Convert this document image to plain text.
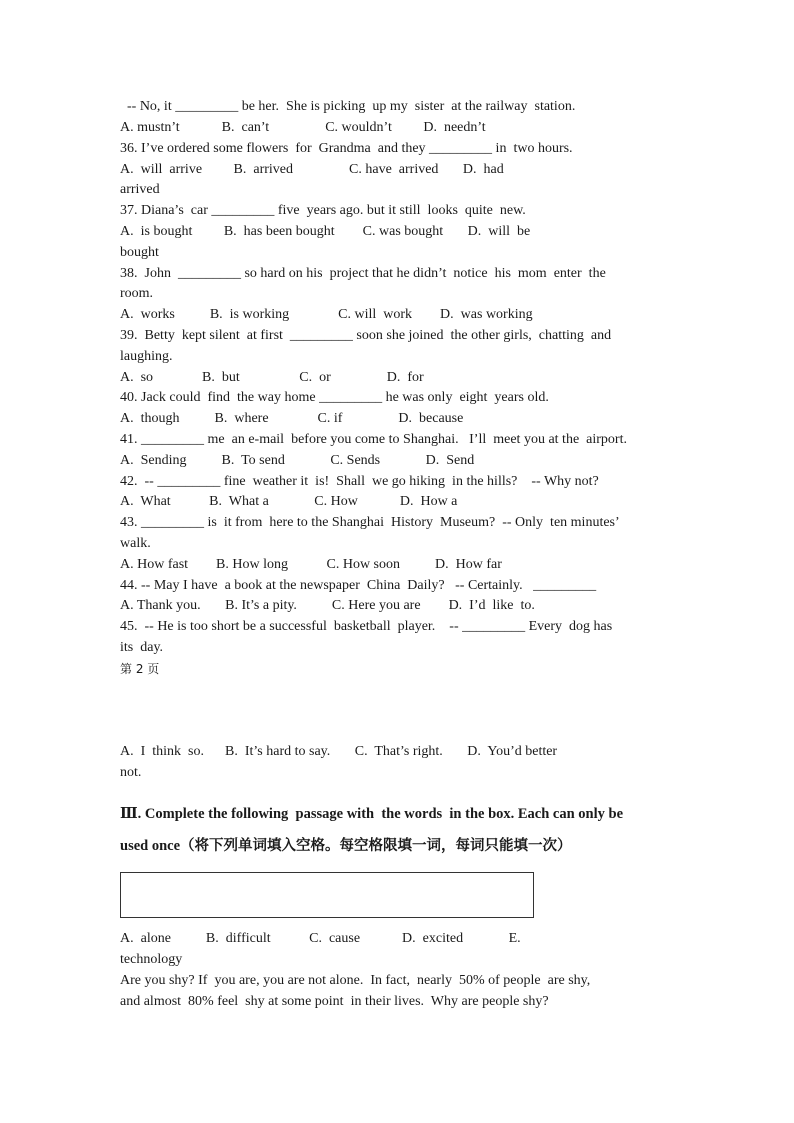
-- No, it _________ be her.  She is picking  up my  sister  at the railway  station.

A. mustn’t            B.  can’t                C. wouldn’t         D.  needn’t

36. I’ve ordered some flowers  for  Grandma  and they _________ in  two hours.

A.  will  arrive         B.  arrived                C. have  arrived       D.  had

arrived

37. Diana’s  car _________ five  years ago. but it still  looks  quite  new.

A.  is bought         B.  has been bought        C. was bought       D.  will  be

bought

38.  John  _________ so hard on his  project that he didn’t  notice  his  mom  enter  the

room.

A.  works          B.  is working              C. will  work        D.  was working

39.  Betty  kept silent  at first  _________ soon she joined  the other girls,  chatting  and

laughing.

A.  so              B.  but                 C.  or                D.  for

40. Jack could  find  the way home _________ he was only  eight  years old.

A.  though          B.  where              C. if                D.  because

41. _________ me  an e-mail  before you come to Shanghai.   I’ll  meet you at the  airport.

A.  Sending          B.  To send             C. Sends             D.  Send

42.  -- _________ fine  weather it  is!  Shall  we go hiking  in the hills?    -- Why not?

A.  What           B.  What a             C. How            D.  How a

43. _________ is  it from  here to the Shanghai  History  Museum?  -- Only  ten minutes’

walk.

A. How fast        B. How long           C. How soon          D.  How far

44. -- May I have  a book at the newspaper  China  Daily?   -- Certainly.   _________

A. Thank you.       B. It’s a pity.          C. Here you are        D.  I’d  like  to.

45.  -- He is too short be a successful  basketball  player.    -- _________ Every  dog has

its  day.

第 2 页

A.  I  think  so.      B.  It’s hard to say.       C.  That’s right.       D.  You’d better

not.

Ⅲ. Complete the following  passage with  the words  in the box. Each can only be

used once（将下列单词填入空格。每空格限填一词，每词只能填一次）

A.  alone          B.  difficult           C.  cause            D.  excited             E.

technology

Are you shy? If  you are, you are not alone.  In fact,  nearly  50% of people  are shy,

and almost  80% feel  shy at some point  in their lives.  Why are people shy?
